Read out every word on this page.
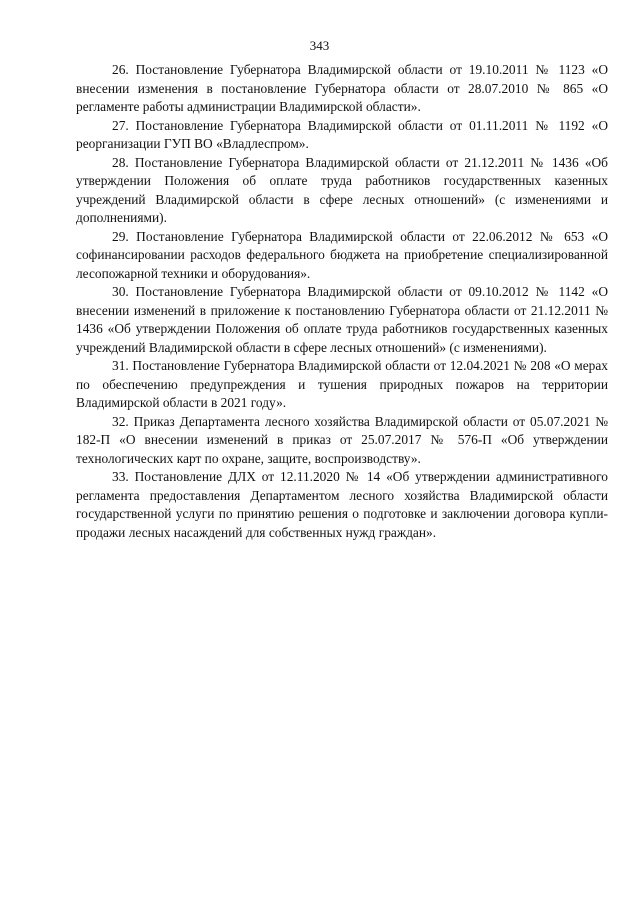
343

26. Постановление Губернатора Владимирской области от 19.10.2011 № 1123 «О внесении изменения в постановление Губернатора области от 28.07.2010 № 865 «О регламенте работы администрации Владимирской области».

27. Постановление Губернатора Владимирской области от 01.11.2011 № 1192 «О реорганизации ГУП ВО «Владлеспром».

28. Постановление Губернатора Владимирской области от 21.12.2011 № 1436 «Об утверждении Положения об оплате труда работников государственных казенных учреждений Владимирской области в сфере лесных отношений» (с изменениями и дополнениями).

29. Постановление Губернатора Владимирской области от 22.06.2012 № 653 «О софинансировании расходов федерального бюджета на приобретение специализированной лесопожарной техники и оборудования».

30. Постановление Губернатора Владимирской области от 09.10.2012 № 1142 «О внесении изменений в приложение к постановлению Губернатора области от 21.12.2011 № 1436 «Об утверждении Положения об оплате труда работников государственных казенных учреждений Владимирской области в сфере лесных отношений» (с изменениями).

31. Постановление Губернатора Владимирской области от 12.04.2021 № 208 «О мерах по обеспечению предупреждения и тушения природных пожаров на территории Владимирской области в 2021 году».

32. Приказ Департамента лесного хозяйства Владимирской области от 05.07.2021 № 182-П «О внесении изменений в приказ от 25.07.2017 № 576-П «Об утверждении технологических карт по охране, защите, воспроизводству».

33. Постановление ДЛХ от 12.11.2020 № 14 «Об утверждении административного регламента предоставления Департаментом лесного хозяйства Владимирской области государственной услуги по принятию решения о подготовке и заключении договора купли-продажи лесных насаждений для собственных нужд граждан».
